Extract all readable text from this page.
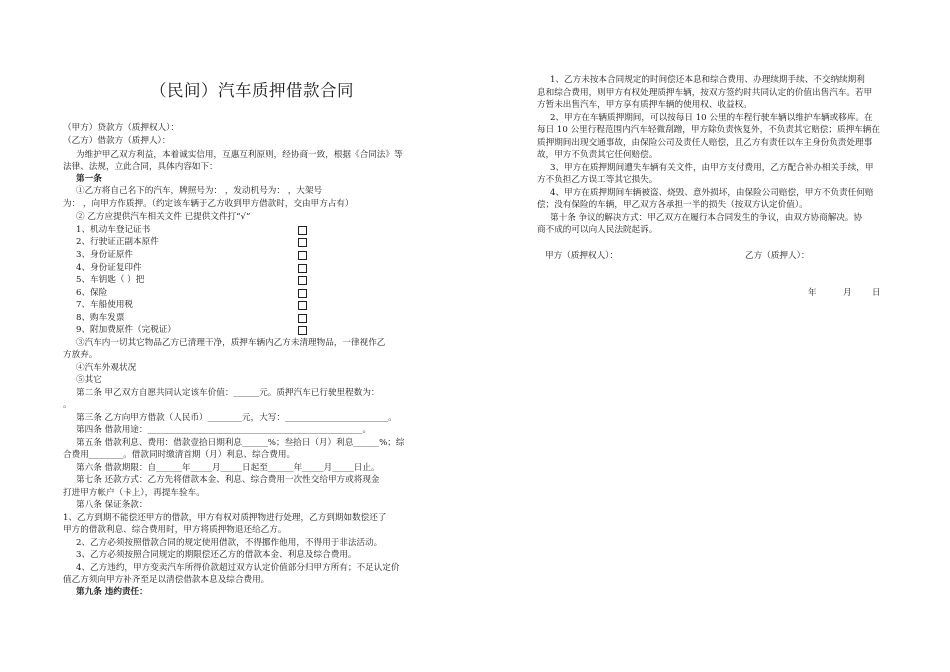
（民间）汽车质押借款合同
（甲方）贷款方（质押权人）：
（乙方）借款方（质押人）：
为维护甲乙双方利益，本着诚实信用，互惠互利原则，经协商一致，根据《合同法》等
法律、法规，立此合同，具体内容如下：
第一条
①乙方将自己名下的汽车，牌照号为： ，发动机号为： ，大架号
为： ，向甲方作质押。（约定该车辆于乙方收到甲方借款时，交由甲方占有）
② 乙方应提供汽车相关文件 已提供文件打“√”
1、机动车登记证书
2、行驶证正副本原件
3、身份证原件
4、身份证复印件
5、车钥匙（ ）把
6、保险
7、车船使用税
8、购车发票
9、附加费原件（完税证）
③汽车内一切其它物品乙方已清理干净，质押车辆内乙方未清理物品，一律视作乙
方放弃。
④汽车外观状况
⑤其它
第二条 甲乙双方自愿共同认定该车价值：______元。质押汽车已行驶里程数为：
。
第三条 乙方向甲方借款（人民币）________元，大写：________________________。
第四条 借款用途：__________________________________________________。
第五条 借款利息、费用：借款壹拾日期利息______%；叁拾日（月）利息______%；综
合费用________。借款同时缴清首期（月）利息、综合费用。
第六条 借款期限：自______年_____月_____日起至______年_____月_____日止。
第七条 还款方式：乙方先将借款本金、利息、综合费用一次性交给甲方或将现金
打进甲方帐户（卡上），再提车验车。
第八条 保证条款：
1、乙方到期不能偿还甲方的借款，甲方有权对质押物进行处理，乙方到期如数偿还了
甲方的借款利息、综合费用时，甲方将质押物退还给乙方。
2、乙方必须按照借款合同的规定使用借款，不得挪作他用，不得用于非法活动。
3、乙方必须按照合同规定的期限偿还乙方的借款本金、利息及综合费用。
4、乙方违约，甲方变卖汽车所得价款超过双方认定价值部分归甲方所有；不足认定价
值乙方须向甲方补齐至足以清偿借款本息及综合费用。
第九条 违约责任：
1、乙方未按本合同规定的时间偿还本息和综合费用、办理续期手续、不交纳续期利
息和综合费用，则甲方有权处理质押车辆，按双方签约时共同认定的价值出售汽车。若甲
方暂未出售汽车，甲方享有质押车辆的使用权、收益权。
2、甲方在车辆质押期间，可以按每日 10 公里的车程行驶车辆以维护车辆或移库。在
每日 10 公里行程范围内汽车轻微刮蹭，甲方除负责恢复外，不负责其它赔偿；质押车辆在
质押期间出现交通事故，由保险公司及责任人赔偿，且乙方有责任以车主身份负责处理事
故，甲方不负责其它任何赔偿。
3、甲方在质押期间遭失车辆有关文件，由甲方支付费用，乙方配合补办相关手续，甲
方不负担乙方误工等其它损失。
4、甲方在质押期间车辆被盗、烧毁、意外损坏，由保险公司赔偿，甲方不负责任何赔
偿；没有保险的车辆，甲乙双方各承担一半的损失（按双方认定价值）。
第十条 争议的解决方式：甲乙双方在履行本合同发生的争议，由双方协商解决。协
商不成的可以向人民法院起诉。
甲方（质押权人）：	乙方（质押人）：
年	月 日
